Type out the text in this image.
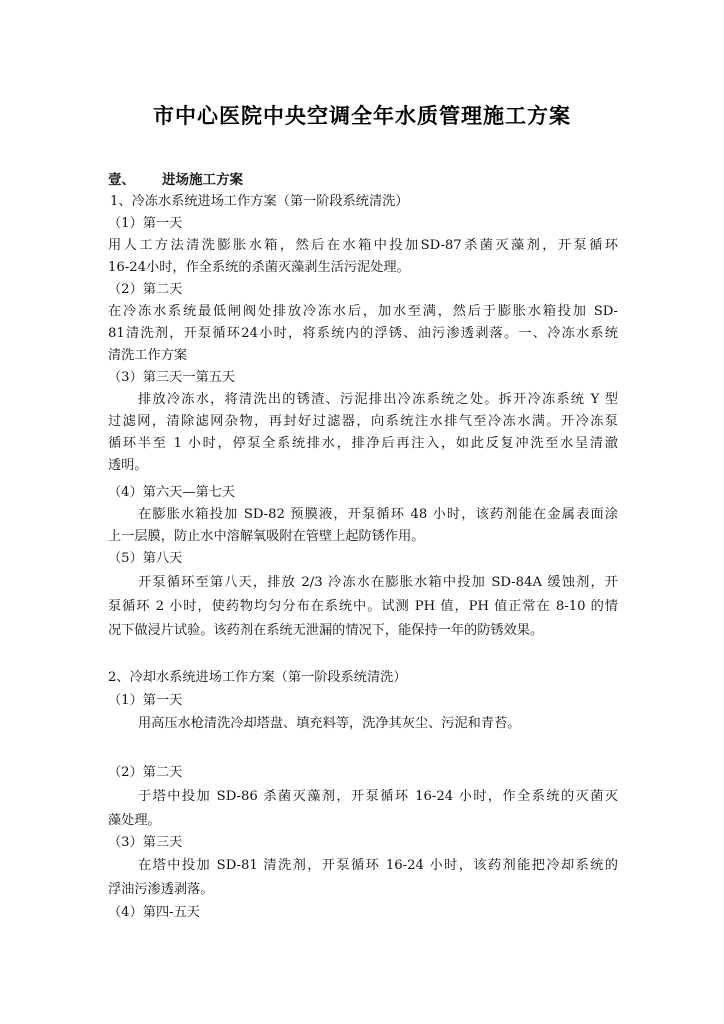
市中心医院中央空调全年水质管理施工方案
壹、 进场施工方案
1、冷冻水系统进场工作方案（第一阶段系统清洗）
（1）第一天
用人工方法清洗膨胀水箱，然后在水箱中投加SD-87杀菌灭藻剂，开泵循环
16-24小时，作全系统的杀菌灭藻剥生活污泥处理。
（2）第二天
在冷冻水系统最低闸阀处排放冷冻水后，加水至满，然后于膨胀水箱投加 SD-
81清洗剂，开泵循环24小时，将系统内的浮锈、油污渗透剥落。一、冷冻水系统
清洗工作方案
（3）第三天一第五天
排放冷冻水，将清洗出的锈渣、污泥排出冷冻系统之处。拆开冷冻系统 Y 型
过滤网，清除滤网杂物，再封好过滤器，向系统注水排气至冷冻水满。开冷冻泵
循环半至 1 小时，停泵全系统排水，排净后再注入，如此反复冲洗至水呈清澈
透明。
（4）第六天—第七天
在膨胀水箱投加 SD-82 预膜液，开泵循环 48 小时，该药剂能在金属表面涂
上一层膜，防止水中溶解氧吸附在管壁上起防锈作用。
（5）第八天
开泵循环至第八天，排放 2/3 冷冻水在膨胀水箱中投加 SD-84A 缓蚀剂，开
泵循环 2 小时，使药物均匀分布在系统中。试测 PH 值，PH 值正常在 8-10 的情
况下做浸片试验。该药剂在系统无泄漏的情况下，能保持一年的防锈效果。
2、冷却水系统进场工作方案（第一阶段系统清洗）
（1）第一天
用高压水枪清洗冷却塔盘、填充料等，洗净其灰尘、污泥和青苔。
（2）第二天
于塔中投加 SD-86 杀菌灭藻剂，开泵循环 16-24 小时，作全系统的灭菌灭
藻处理。
（3）第三天
在塔中投加 SD-81 清洗剂，开泵循环 16-24 小时，该药剂能把冷却系统的
浮油污渗透剥落。
（4）第四-五天
